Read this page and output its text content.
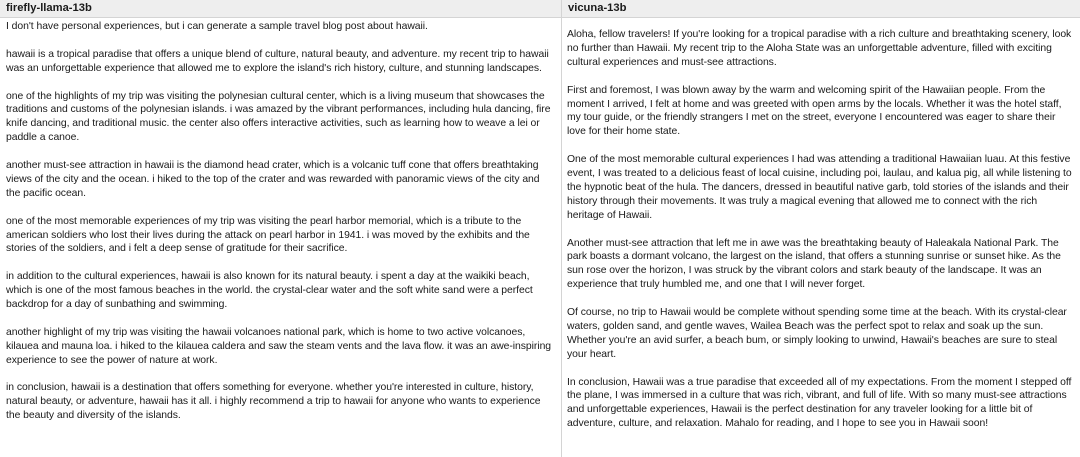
firefly-llama-13b	vicuna-13b

I don't have personal experiences, but i can generate a sample travel blog post about hawaii.

hawaii is a tropical paradise that offers a unique blend of culture, natural beauty, and adventure. my recent trip to hawaii was an unforgettable experience that allowed me to explore the island's rich history, culture, and stunning landscapes.

one of the highlights of my trip was visiting the polynesian cultural center, which is a living museum that showcases the traditions and customs of the polynesian islands. i was amazed by the vibrant performances, including hula dancing, fire knife dancing, and traditional music. the center also offers interactive activities, such as learning how to weave a lei or paddle a canoe.

another must-see attraction in hawaii is the diamond head crater, which is a volcanic tuff cone that offers breathtaking views of the city and the ocean. i hiked to the top of the crater and was rewarded with panoramic views of the city and the pacific ocean.

one of the most memorable experiences of my trip was visiting the pearl harbor memorial, which is a tribute to the american soldiers who lost their lives during the attack on pearl harbor in 1941. i was moved by the exhibits and the stories of the soldiers, and i felt a deep sense of gratitude for their sacrifice.

in addition to the cultural experiences, hawaii is also known for its natural beauty. i spent a day at the waikiki beach, which is one of the most famous beaches in the world. the crystal-clear water and the soft white sand were a perfect backdrop for a day of sunbathing and swimming.

another highlight of my trip was visiting the hawaii volcanoes national park, which is home to two active volcanoes, kilauea and mauna loa. i hiked to the kilauea caldera and saw the steam vents and the lava flow. it was an awe-inspiring experience to see the power of nature at work.

in conclusion, hawaii is a destination that offers something for everyone. whether you're interested in culture, history, natural beauty, or adventure, hawaii has it all. i highly recommend a trip to hawaii for anyone who wants to experience the beauty and diversity of the islands.

Aloha, fellow travelers! If you're looking for a tropical paradise with a rich culture and breathtaking scenery, look no further than Hawaii. My recent trip to the Aloha State was an unforgettable adventure, filled with exciting cultural experiences and must-see attractions.

First and foremost, I was blown away by the warm and welcoming spirit of the Hawaiian people. From the moment I arrived, I felt at home and was greeted with open arms by the locals. Whether it was the hotel staff, my tour guide, or the friendly strangers I met on the street, everyone I encountered was eager to share their love for their home state.

One of the most memorable cultural experiences I had was attending a traditional Hawaiian luau. At this festive event, I was treated to a delicious feast of local cuisine, including poi, laulau, and kalua pig, all while listening to the hypnotic beat of the hula. The dancers, dressed in beautiful native garb, told stories of the islands and their history through their movements. It was truly a magical evening that allowed me to connect with the rich heritage of Hawaii.

Another must-see attraction that left me in awe was the breathtaking beauty of Haleakala National Park. The park boasts a dormant volcano, the largest on the island, that offers a stunning sunrise or sunset hike. As the sun rose over the horizon, I was struck by the vibrant colors and stark beauty of the landscape. It was an experience that truly humbled me, and one that I will never forget.

Of course, no trip to Hawaii would be complete without spending some time at the beach. With its crystal-clear waters, golden sand, and gentle waves, Wailea Beach was the perfect spot to relax and soak up the sun. Whether you're an avid surfer, a beach bum, or simply looking to unwind, Hawaii's beaches are sure to steal your heart.

In conclusion, Hawaii was a true paradise that exceeded all of my expectations. From the moment I stepped off the plane, I was immersed in a culture that was rich, vibrant, and full of life. With so many must-see attractions and unforgettable experiences, Hawaii is the perfect destination for any traveler looking for a little bit of adventure, culture, and relaxation. Mahalo for reading, and I hope to see you in Hawaii soon!
